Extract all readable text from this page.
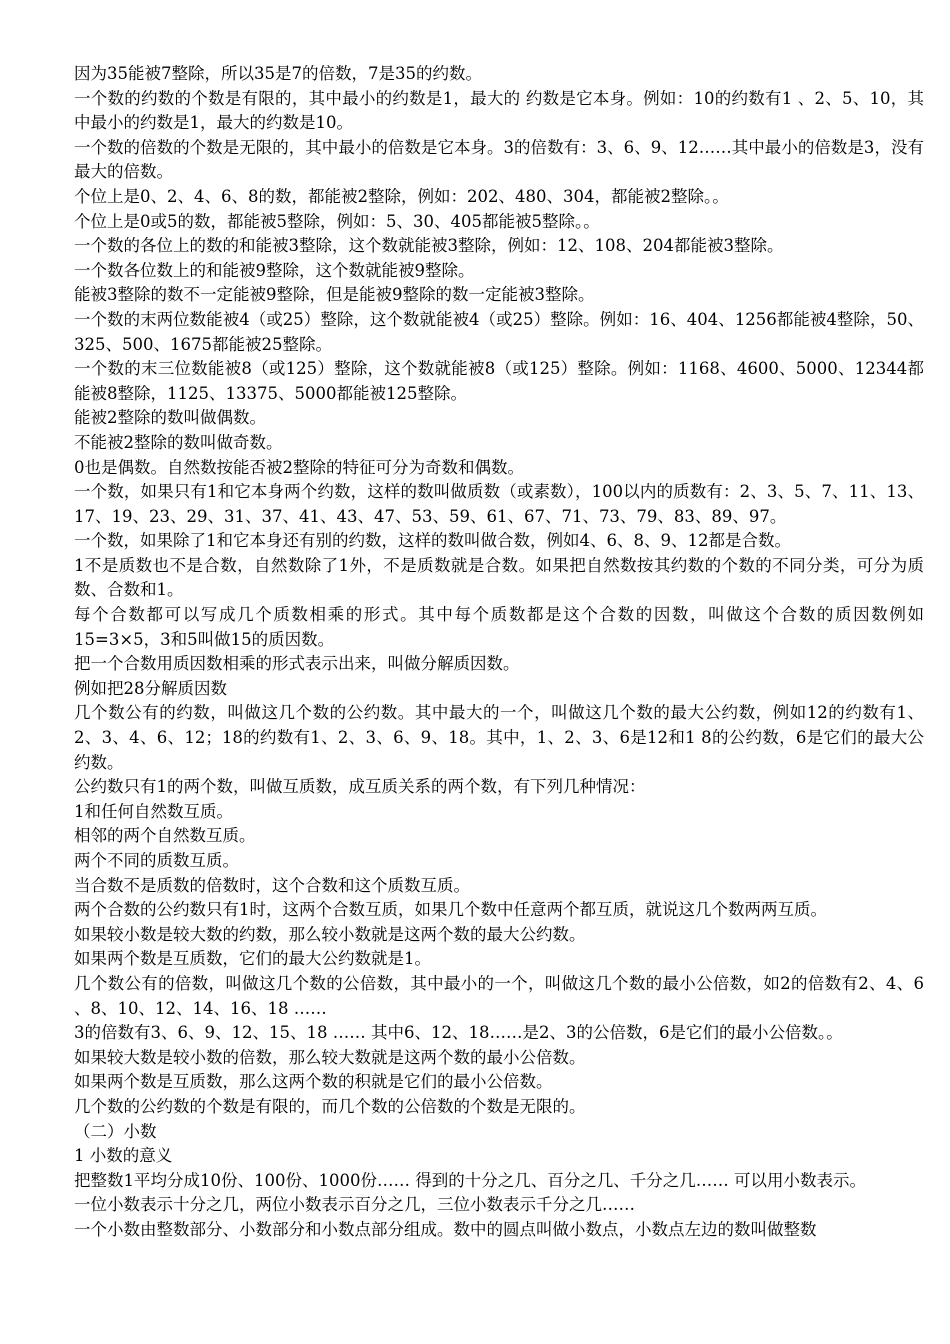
因为35能被7整除，所以35是7的倍数，7是35的约数。

一个数的约数的个数是有限的，其中最小的约数是1，最大的 约数是它本身。例如：10的约数有1 、2、5、10，其中最小的约数是1，最大的约数是10。

一个数的倍数的个数是无限的，其中最小的倍数是它本身。3的倍数有：3、6、9、12……其中最小的倍数是3，没有最大的倍数。

个位上是0、2、4、6、8的数，都能被2整除，例如：202、480、304，都能被2整除。。

个位上是0或5的数，都能被5整除，例如：5、30、405都能被5整除。。

一个数的各位上的数的和能被3整除，这个数就能被3整除，例如：12、108、204都能被3整除。

一个数各位数上的和能被9整除，这个数就能被9整除。

能被3整除的数不一定能被9整除，但是能被9整除的数一定能被3整除。

一个数的末两位数能被4（或25）整除，这个数就能被4（或25）整除。例如：16、404、1256都能被4整除，50、325、500、1675都能被25整除。

一个数的末三位数能被8（或125）整除，这个数就能被8（或125）整除。例如：1168、4600、5000、12344都能被8整除，1125、13375、5000都能被125整除。

能被2整除的数叫做偶数。

不能被2整除的数叫做奇数。

0也是偶数。自然数按能否被2整除的特征可分为奇数和偶数。

一个数，如果只有1和它本身两个约数，这样的数叫做质数（或素数），100以内的质数有：2、3、5、7、11、13、17、19、23、29、31、37、41、43、47、53、59、61、67、71、73、79、83、89、97。

一个数，如果除了1和它本身还有别的约数，这样的数叫做合数，例如4、6、8、9、12都是合数。

1不是质数也不是合数，自然数除了1外，不是质数就是合数。如果把自然数按其约数的个数的不同分类，可分为质数、合数和1。

每个合数都可以写成几个质数相乘的形式。其中每个质数都是这个合数的因数，叫做这个合数的质因数例如15=3×5，3和5叫做15的质因数。

把一个合数用质因数相乘的形式表示出来，叫做分解质因数。

例如把28分解质因数

几个数公有的约数，叫做这几个数的公约数。其中最大的一个，叫做这几个数的最大公约数，例如12的约数有1、2、3、4、6、12；18的约数有1、2、3、6、9、18。其中，1、2、3、6是12和1 8的公约数，6是它们的最大公约数。

公约数只有1的两个数，叫做互质数，成互质关系的两个数，有下列几种情况：

1和任何自然数互质。

相邻的两个自然数互质。

两个不同的质数互质。

当合数不是质数的倍数时，这个合数和这个质数互质。

两个合数的公约数只有1时，这两个合数互质，如果几个数中任意两个都互质，就说这几个数两两互质。

如果较小数是较大数的约数，那么较小数就是这两个数的最大公约数。

如果两个数是互质数，它们的最大公约数就是1。

几个数公有的倍数，叫做这几个数的公倍数，其中最小的一个，叫做这几个数的最小公倍数，如2的倍数有2、4、6 、8、10、12、14、16、18 ……

3的倍数有3、6、9、12、15、18 …… 其中6、12、18……是2、3的公倍数，6是它们的最小公倍数。。

如果较大数是较小数的倍数，那么较大数就是这两个数的最小公倍数。

如果两个数是互质数，那么这两个数的积就是它们的最小公倍数。

几个数的公约数的个数是有限的，而几个数的公倍数的个数是无限的。

（二）小数

1 小数的意义

把整数1平均分成10份、100份、1000份…… 得到的十分之几、百分之几、千分之几…… 可以用小数表示。

一位小数表示十分之几，两位小数表示百分之几，三位小数表示千分之几……

一个小数由整数部分、小数部分和小数点部分组成。数中的圆点叫做小数点，小数点左边的数叫做整数
